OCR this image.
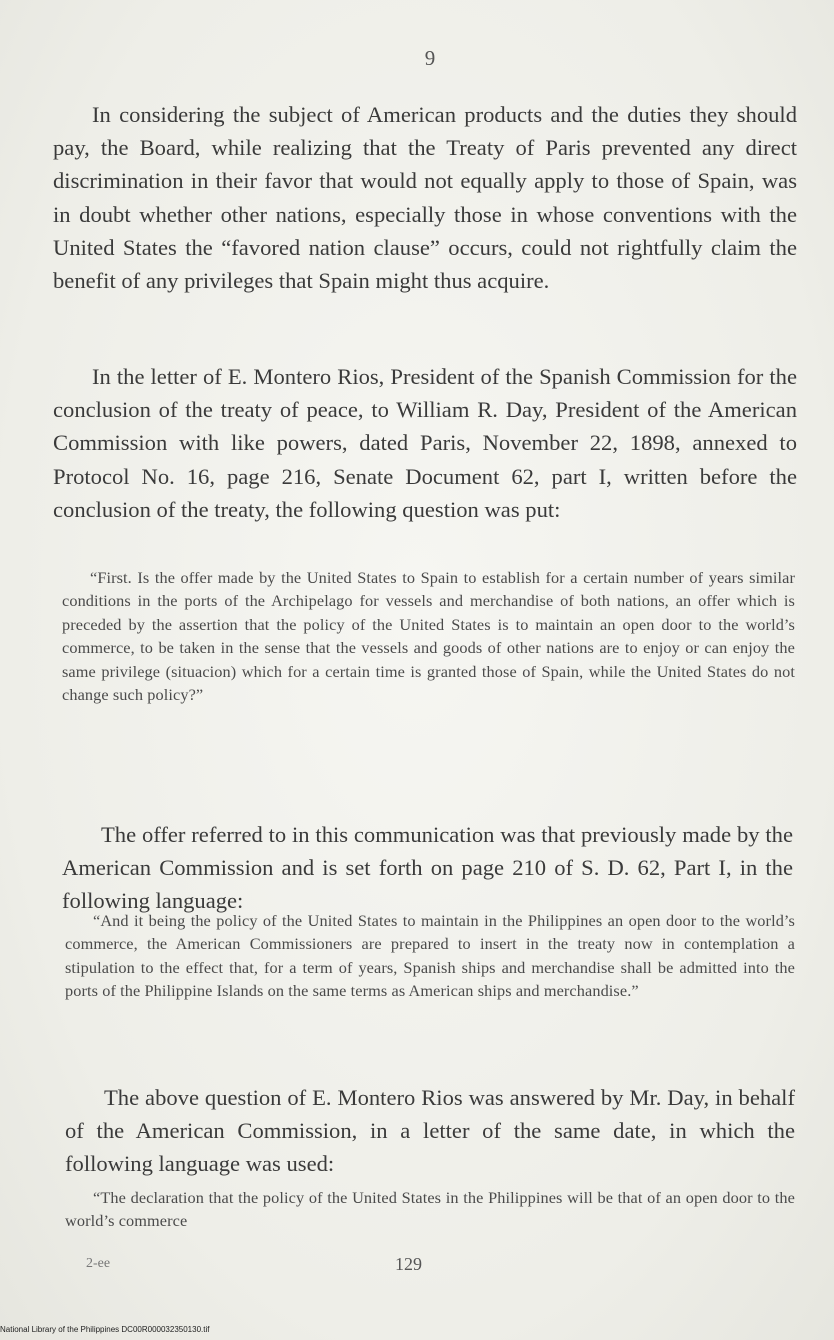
9

In considering the subject of American products and the duties they should pay, the Board, while realizing that the Treaty of Paris prevented any direct discrimination in their favor that would not equally apply to those of Spain, was in doubt whether other nations, especially those in whose conventions with the United States the “favored nation clause” occurs, could not rightfully claim the benefit of any privileges that Spain might thus acquire.

In the letter of E. Montero Rios, President of the Spanish Commission for the conclusion of the treaty of peace, to William R. Day, President of the American Commission with like powers, dated Paris, November 22, 1898, annexed to Protocol No. 16, page 216, Senate Document 62, part I, written before the conclusion of the treaty, the following question was put:

“First. Is the offer made by the United States to Spain to establish for a certain number of years similar conditions in the ports of the Archipelago for vessels and merchandise of both nations, an offer which is preceded by the assertion that the policy of the United States is to maintain an open door to the world’s commerce, to be taken in the sense that the vessels and goods of other nations are to enjoy or can enjoy the same privilege (situacion) which for a certain time is granted those of Spain, while the United States do not change such policy?”

The offer referred to in this communication was that previously made by the American Commission and is set forth on page 210 of S. D. 62, Part I, in the following language:

“And it being the policy of the United States to maintain in the Philippines an open door to the world’s commerce, the American Commissioners are prepared to insert in the treaty now in contemplation a stipulation to the effect that, for a term of years, Spanish ships and merchandise shall be admitted into the ports of the Philippine Islands on the same terms as American ships and merchandise.”

The above question of E. Montero Rios was answered by Mr. Day, in behalf of the American Commission, in a letter of the same date, in which the following language was used:

“The declaration that the policy of the United States in the Philippines will be that of an open door to the world’s commerce

2-ee	129
National Library of the Philippines DC00R000032350130.tif
